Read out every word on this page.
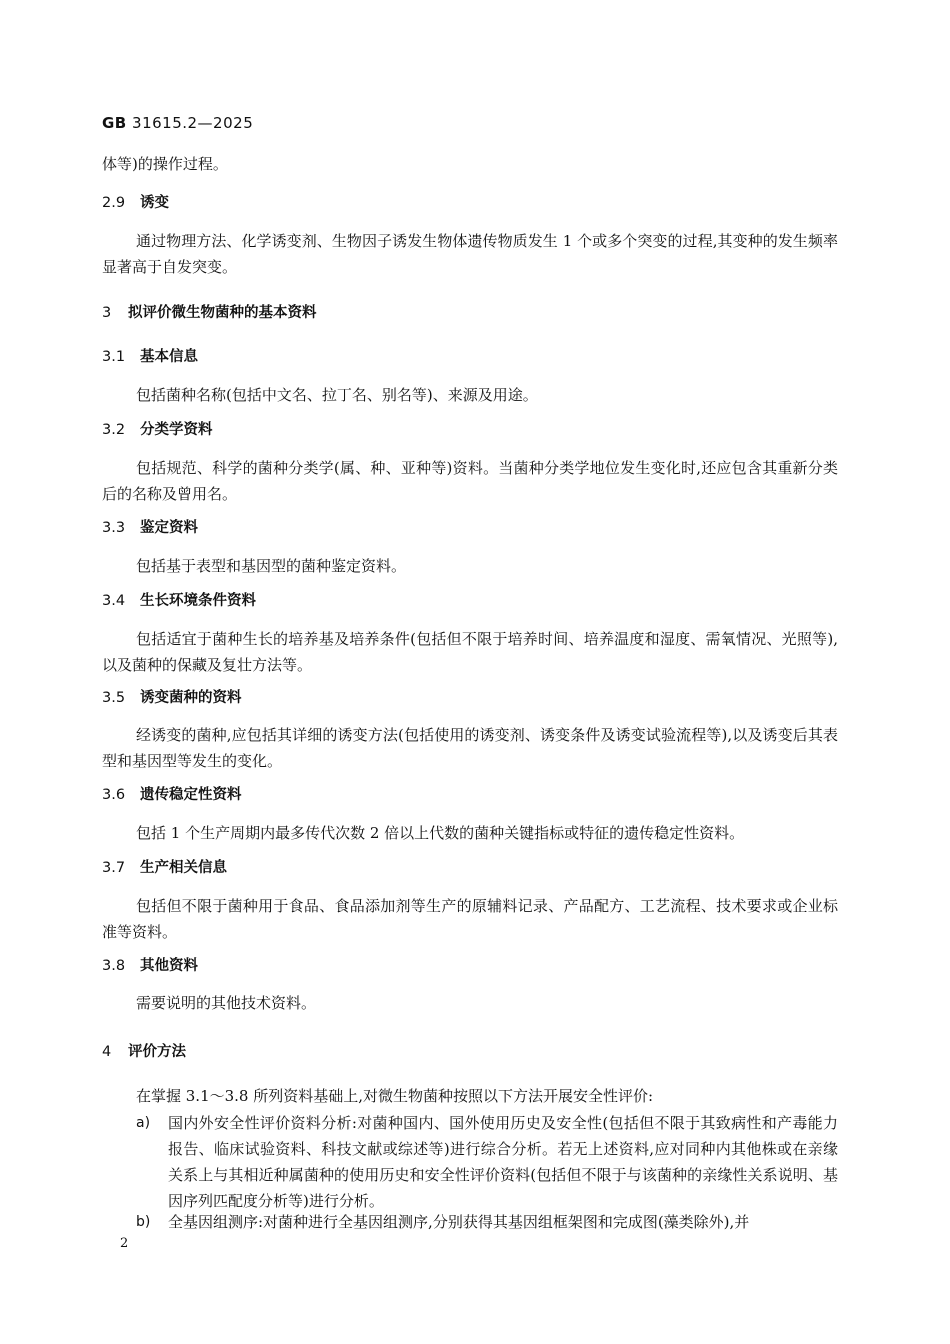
GB 31615.2—2025
体等)的操作过程。
2.9 诱变
通过物理方法、化学诱变剂、生物因子诱发生物体遗传物质发生 1 个或多个突变的过程,其变种的发生频率显著高于自发突变。
3 拟评价微生物菌种的基本资料
3.1 基本信息
包括菌种名称(包括中文名、拉丁名、别名等)、来源及用途。
3.2 分类学资料
包括规范、科学的菌种分类学(属、种、亚种等)资料。当菌种分类学地位发生变化时,还应包含其重新分类后的名称及曾用名。
3.3 鉴定资料
包括基于表型和基因型的菌种鉴定资料。
3.4 生长环境条件资料
包括适宜于菌种生长的培养基及培养条件(包括但不限于培养时间、培养温度和湿度、需氧情况、光照等),以及菌种的保藏及复壮方法等。
3.5 诱变菌种的资料
经诱变的菌种,应包括其详细的诱变方法(包括使用的诱变剂、诱变条件及诱变试验流程等),以及诱变后其表型和基因型等发生的变化。
3.6 遗传稳定性资料
包括 1 个生产周期内最多传代次数 2 倍以上代数的菌种关键指标或特征的遗传稳定性资料。
3.7 生产相关信息
包括但不限于菌种用于食品、食品添加剂等生产的原辅料记录、产品配方、工艺流程、技术要求或企业标准等资料。
3.8 其他资料
需要说明的其他技术资料。
4 评价方法
在掌握 3.1～3.8 所列资料基础上,对微生物菌种按照以下方法开展安全性评价:
a) 国内外安全性评价资料分析:对菌种国内、国外使用历史及安全性(包括但不限于其致病性和产毒能力报告、临床试验资料、科技文献或综述等)进行综合分析。若无上述资料,应对同种内其他株或在亲缘关系上与其相近种属菌种的使用历史和安全性评价资料(包括但不限于与该菌种的亲缘性关系说明、基因序列匹配度分析等)进行分析。
b) 全基因组测序:对菌种进行全基因组测序,分别获得其基因组框架图和完成图(藻类除外),并
2
